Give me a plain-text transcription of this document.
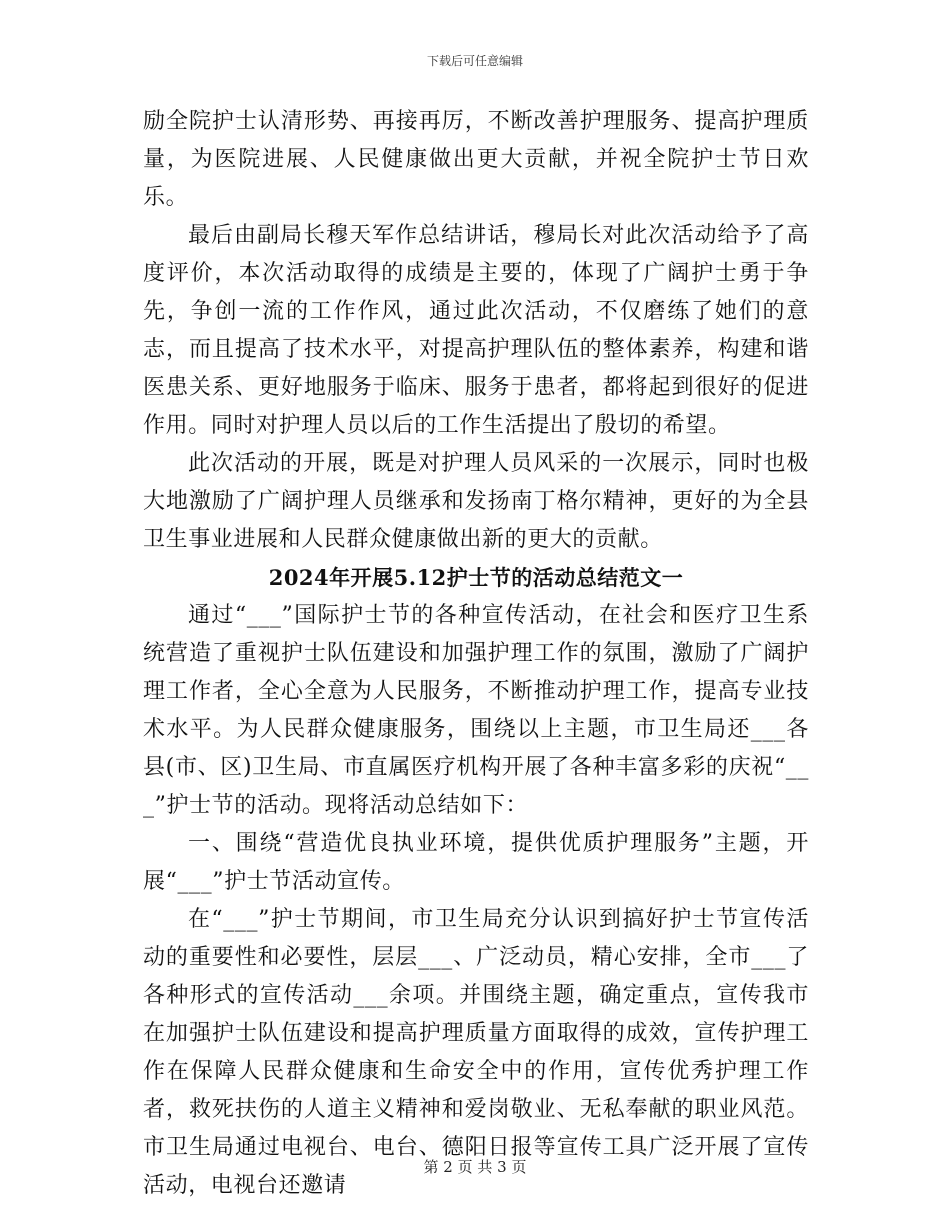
下载后可任意编辑

励全院护士认清形势、再接再厉，不断改善护理服务、提高护理质量，为医院进展、人民健康做出更大贡献，并祝全院护士节日欢乐。

最后由副局长穆天军作总结讲话，穆局长对此次活动给予了高度评价，本次活动取得的成绩是主要的，体现了广阔护士勇于争先，争创一流的工作作风，通过此次活动，不仅磨练了她们的意志，而且提高了技术水平，对提高护理队伍的整体素养，构建和谐医患关系、更好地服务于临床、服务于患者，都将起到很好的促进作用。同时对护理人员以后的工作生活提出了殷切的希望。

此次活动的开展，既是对护理人员风采的一次展示，同时也极大地激励了广阔护理人员继承和发扬南丁格尔精神，更好的为全县卫生事业进展和人民群众健康做出新的更大的贡献。

2024年开展5.12护士节的活动总结范文一

通过“___”国际护士节的各种宣传活动，在社会和医疗卫生系统营造了重视护士队伍建设和加强护理工作的氛围，激励了广阔护理工作者，全心全意为人民服务，不断推动护理工作，提高专业技术水平。为人民群众健康服务，围绕以上主题，市卫生局还___各县(市、区)卫生局、市直属医疗机构开展了各种丰富多彩的庆祝“___”护士节的活动。现将活动总结如下：

一、围绕“营造优良执业环境，提供优质护理服务”主题，开展“___”护士节活动宣传。

在“___”护士节期间，市卫生局充分认识到搞好护士节宣传活动的重要性和必要性，层层___、广泛动员，精心安排，全市___了各种形式的宣传活动___余项。并围绕主题，确定重点，宣传我市在加强护士队伍建设和提高护理质量方面取得的成效，宣传护理工作在保障人民群众健康和生命安全中的作用，宣传优秀护理工作者，救死扶伤的人道主义精神和爱岗敬业、无私奉献的职业风范。市卫生局通过电视台、电台、德阳日报等宣传工具广泛开展了宣传活动，电视台还邀请

第 2 页 共 3 页
